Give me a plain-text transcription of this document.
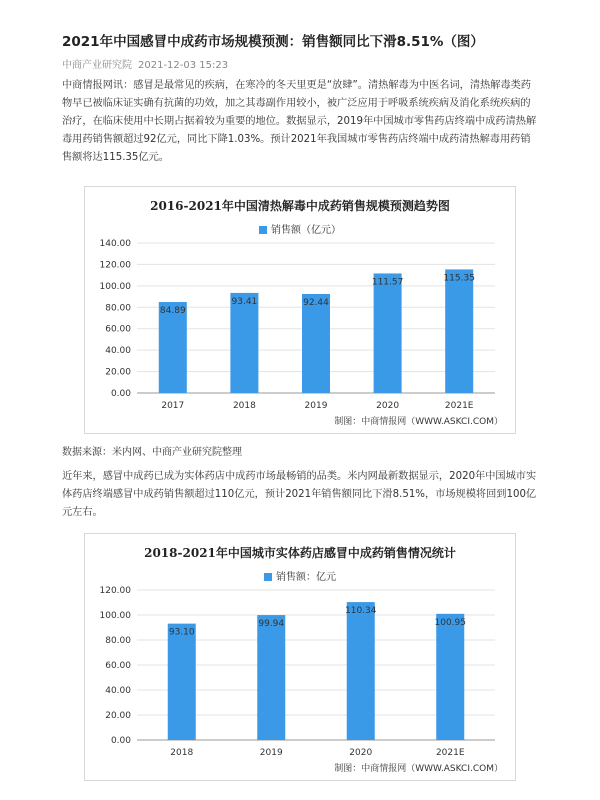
2021年中国感冒中成药市场规模预测：销售额同比下滑8.51%（图）
中商产业研究院 2021-12-03 15:23

中商情报网讯：感冒是最常见的疾病，在寒冷的冬天里更是“放肆”。清热解毒为中医名词，清热解毒类药物早已被临床证实确有抗菌的功效，加之其毒副作用较小，被广泛应用于呼吸系统疾病及消化系统疾病的治疗，在临床使用中长期占据着较为重要的地位。数据显示，2019年中国城市零售药店终端中成药清热解毒用药销售额超过92亿元，同比下降1.03%。预计2021年我国城市零售药店终端中成药清热解毒用药销售额将达115.35亿元。

2016-2021年中国清热解毒中成药销售规模预测趋势图
销售额（亿元）
0.00
20.00
40.00
60.00
80.00
100.00
120.00
140.00
84.89
2017
93.41
2018
92.44
2019
111.57
2020
115.35
2021E
制图：中商情报网（WWW.ASKCI.COM）
数据来源：米内网、中商产业研究院整理

近年来，感冒中成药已成为实体药店中成药市场最畅销的品类。米内网最新数据显示，2020年中国城市实体药店终端感冒中成药销售额超过110亿元，预计2021年销售额同比下滑8.51%，市场规模将回到100亿元左右。

2018-2021年中国城市实体药店感冒中成药销售情况统计
销售额：亿元
0.00
20.00
40.00
60.00
80.00
100.00
120.00
93.10
2018
99.94
2019
110.34
2020
100.95
2021E
制图：中商情报网（WWW.ASKCI.COM）
